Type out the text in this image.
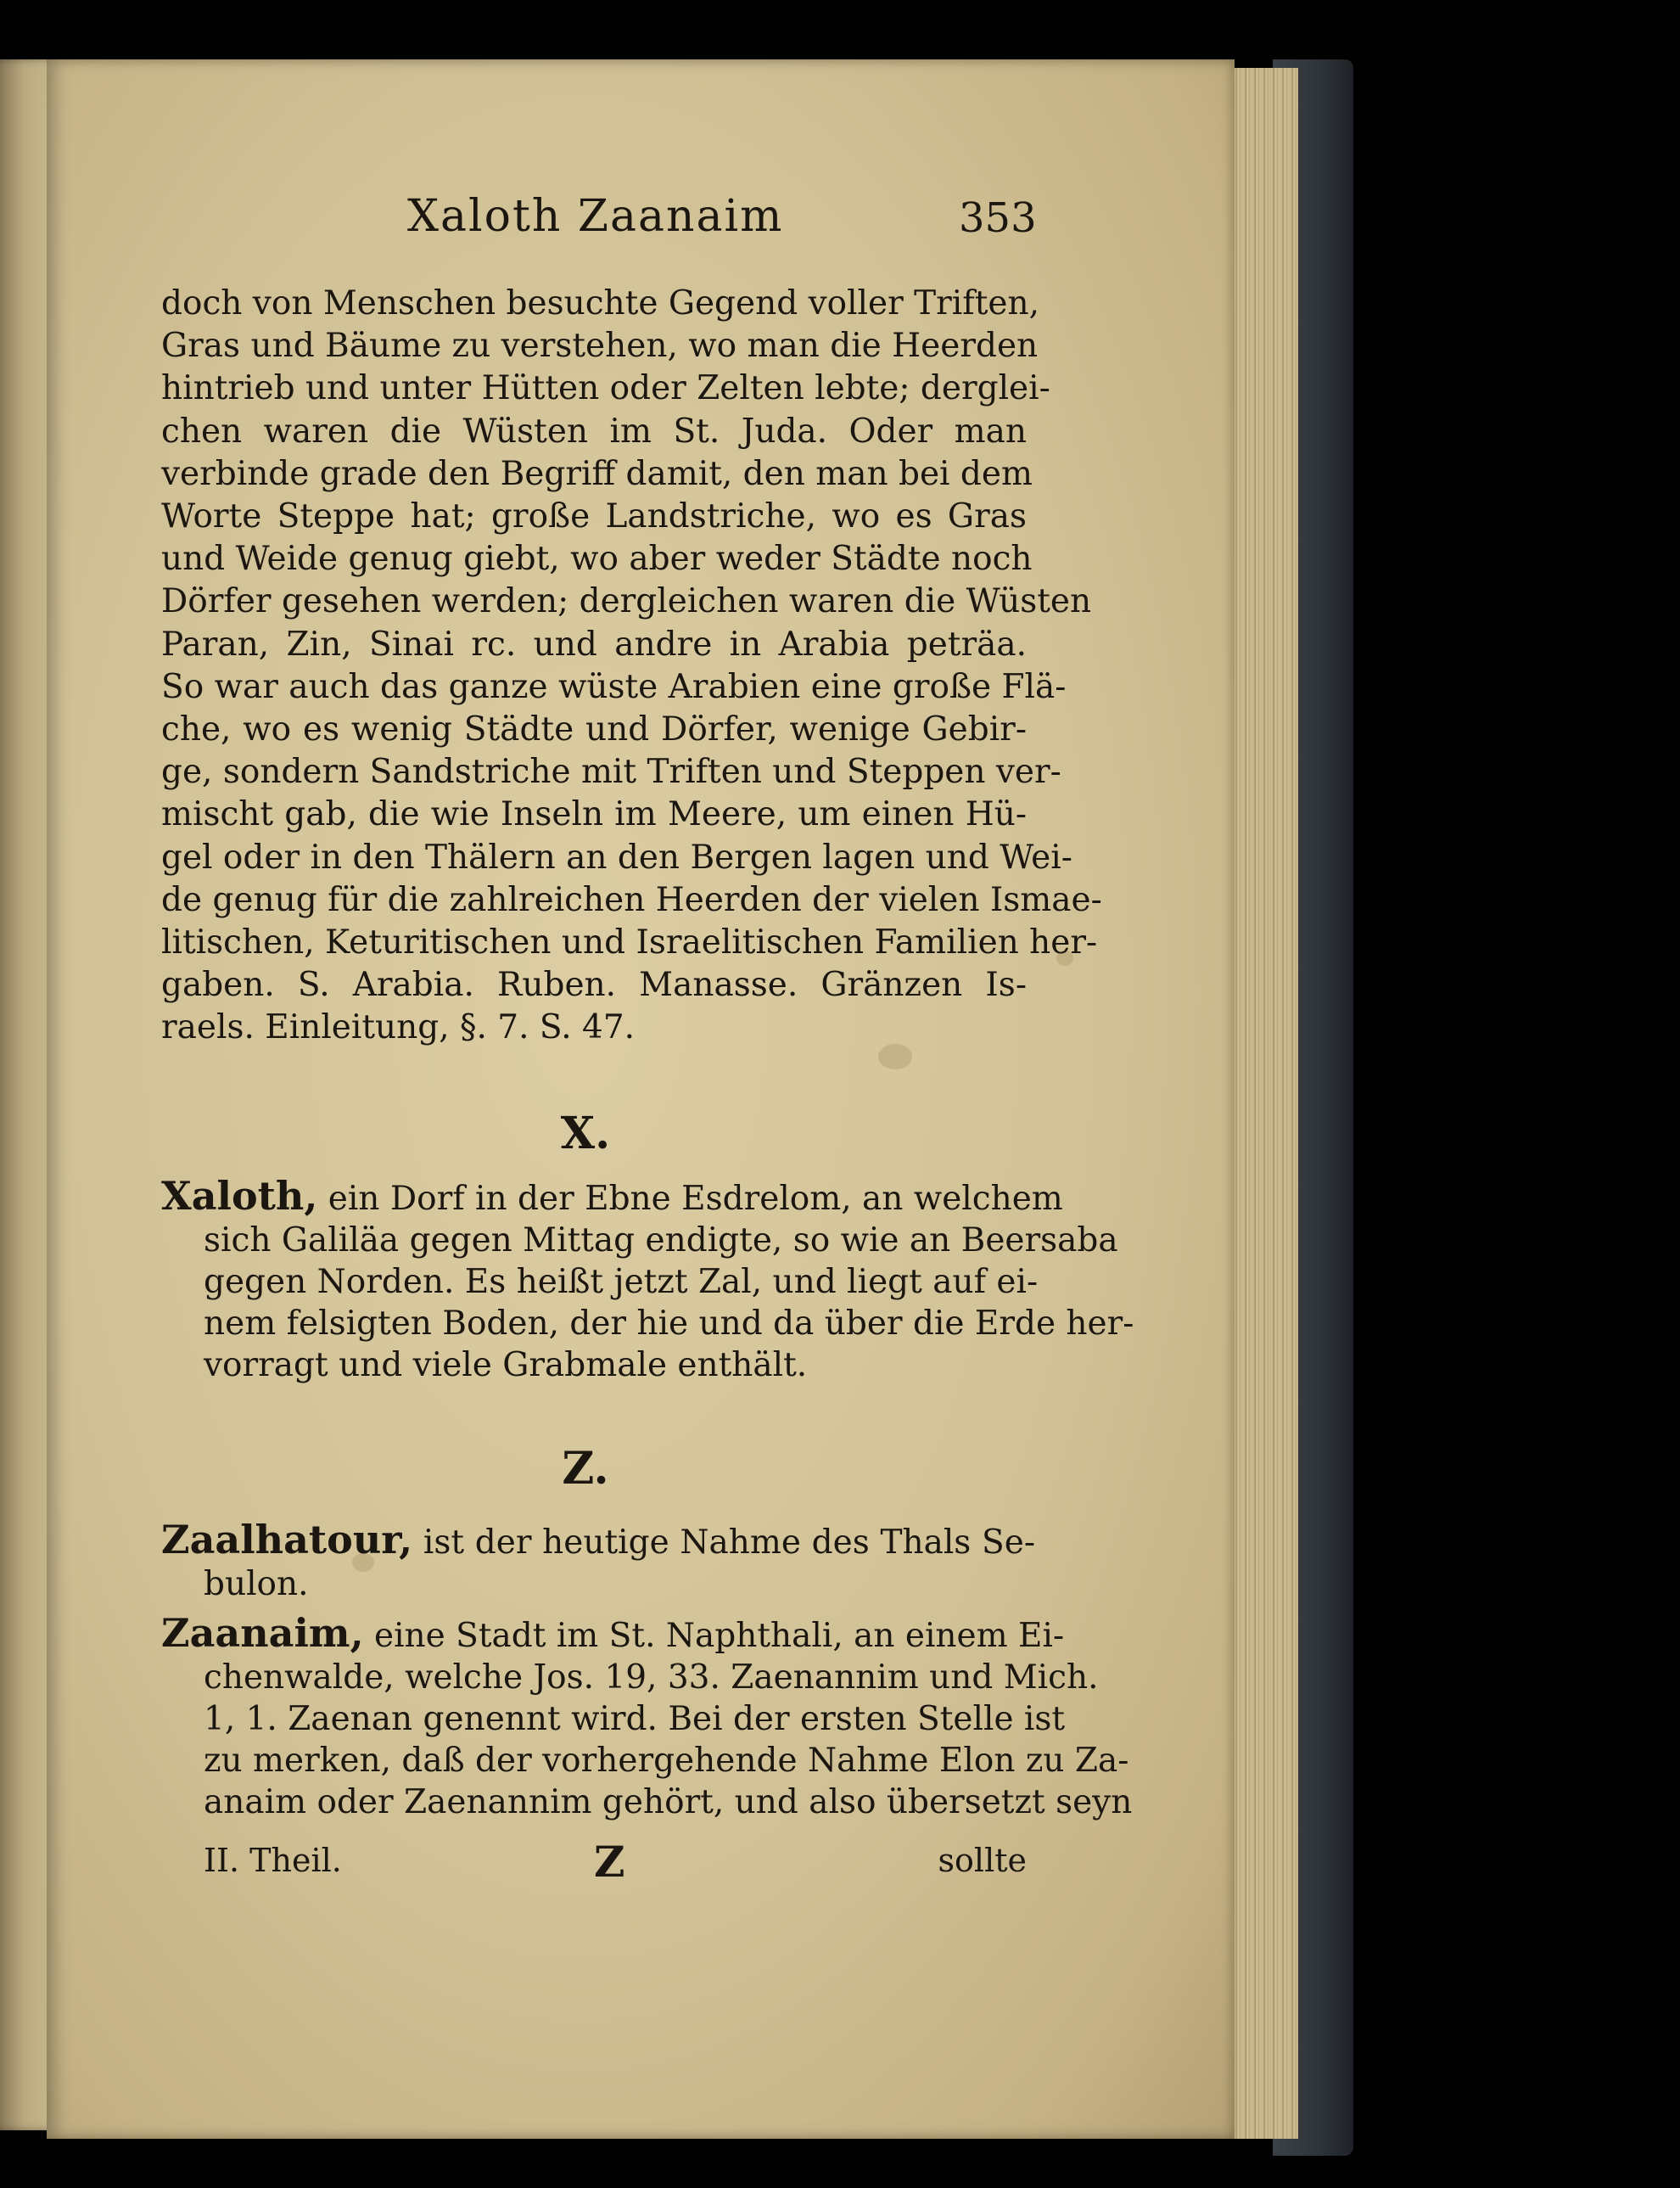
Xaloth Zaanaim	353
doch von Menschen besuchte Gegend voller Triften,
Gras und Bäume zu verstehen, wo man die Heerden
hintrieb und unter Hütten oder Zelten lebte; derglei-
chen waren die Wüsten im St. Juda. Oder man
verbinde grade den Begriff damit, den man bei dem
Worte Steppe hat; große Landstriche, wo es Gras
und Weide genug giebt, wo aber weder Städte noch
Dörfer gesehen werden; dergleichen waren die Wüsten
Paran, Zin, Sinai rc. und andre in Arabia peträa.
So war auch das ganze wüste Arabien eine große Flä-
che, wo es wenig Städte und Dörfer, wenige Gebir-
ge, sondern Sandstriche mit Triften und Steppen ver-
mischt gab, die wie Inseln im Meere, um einen Hü-
gel oder in den Thälern an den Bergen lagen und Wei-
de genug für die zahlreichen Heerden der vielen Ismae-
litischen, Keturitischen und Israelitischen Familien her-
gaben. S. Arabia. Ruben. Manasse. Gränzen Is-
raels. Einleitung, §. 7. S. 47.
X.
Xaloth, ein Dorf in der Ebne Esdrelom, an welchem
sich Galiläa gegen Mittag endigte, so wie an Beersaba
gegen Norden. Es heißt jetzt Zal, und liegt auf ei-
nem felsigten Boden, der hie und da über die Erde her-
vorragt und viele Grabmale enthält.
Z.
Zaalhatour, ist der heutige Nahme des Thals Se-
bulon.
Zaanaim, eine Stadt im St. Naphthali, an einem Ei-
chenwalde, welche Jos. 19, 33. Zaenannim und Mich.
1, 1. Zaenan genennt wird. Bei der ersten Stelle ist
zu merken, daß der vorhergehende Nahme Elon zu Za-
anaim oder Zaenannim gehört, und also übersetzt seyn
II. Theil.	Z	sollte
